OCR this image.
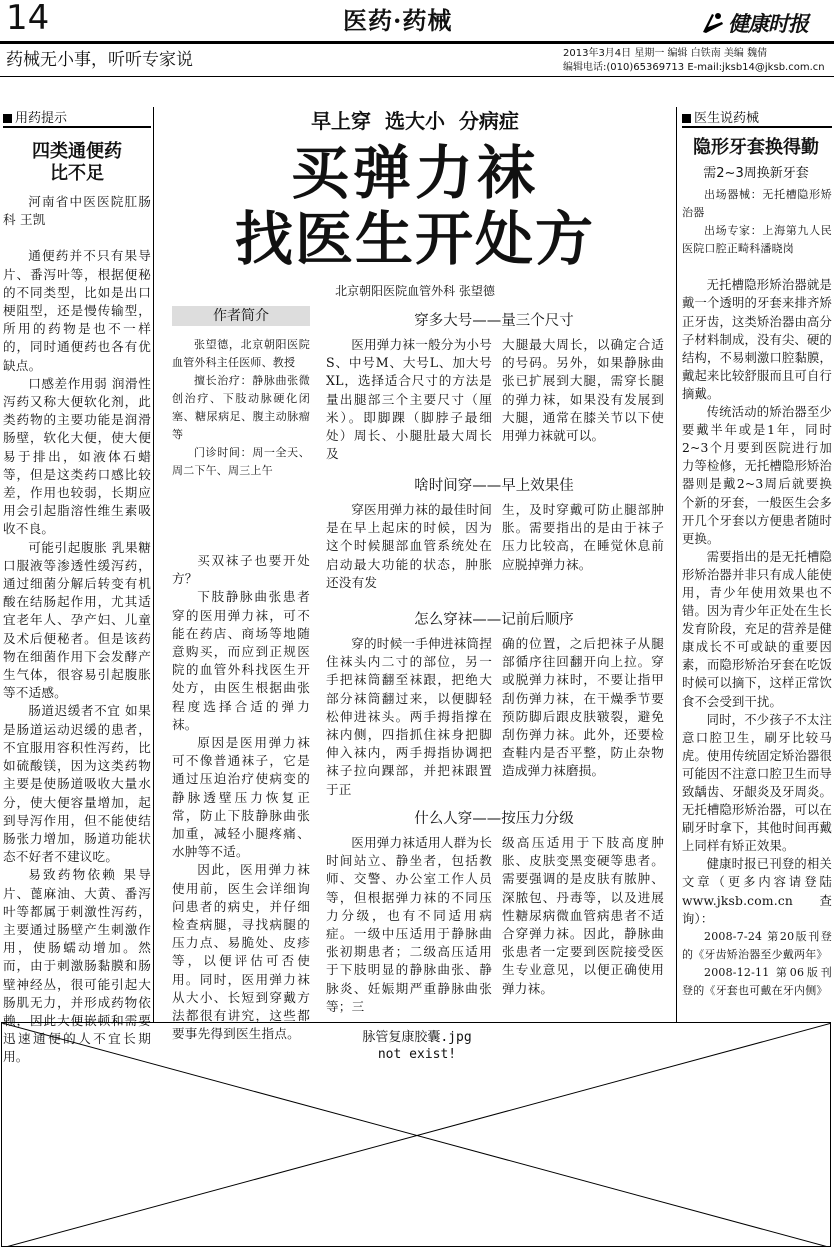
14	医药·药械	健康时报
药械无小事，听听专家说	2013年3月4日 星期一 编辑 白铁南 美编 魏倩
编辑电话:(010)65369713 E-mail:jksb14@jksb.com.cn
用药提示
四类通便药
比不足

河南省中医医院肛肠科 王凯

通便药并不只有果导片、番泻叶等，根据便秘的不同类型，比如是出口梗阻型，还是慢传输型，所用的药物是也不一样的，同时通便药也各有优缺点。

口感差作用弱 润滑性泻药又称大便软化剂，此类药物的主要功能是润滑肠壁，软化大便，使大便易于排出，如液体石蜡等，但是这类药口感比较差，作用也较弱，长期应用会引起脂溶性维生素吸收不良。

可能引起腹胀 乳果糖口服液等渗透性缓泻药，通过细菌分解后转变有机酸在结肠起作用，尤其适宜老年人、孕产妇、儿童及术后便秘者。但是该药物在细菌作用下会发酵产生气体，很容易引起腹胀等不适感。

肠道迟缓者不宜 如果是肠道运动迟缓的患者，不宜服用容积性泻药，比如硫酸镁，因为这类药物主要是使肠道吸收大量水分，使大便容量增加，起到导泻作用，但不能使结肠张力增加，肠道功能状态不好者不建议吃。

易致药物依赖 果导片、蓖麻油、大黄、番泻叶等都属于刺激性泻药，主要通过肠壁产生刺激作用，使肠蠕动增加。然而，由于刺激肠黏膜和肠壁神经丛，很可能引起大肠肌无力，并形成药物依赖，因此大便嵌顿和需要迅速通便的人不宜长期用。

早上穿  选大小  分病症
买弹力袜
找医生开处方
北京朝阳医院血管外科 张望德
作者简介

张望德，北京朝阳医院血管外科主任医师、教授

擅长治疗：静脉曲张微创治疗、下肢动脉硬化闭塞、糖尿病足、腹主动脉瘤等

门诊时间：周一全天、周二下午、周三上午

买双袜子也要开处方？

下肢静脉曲张患者穿的医用弹力袜，可不能在药店、商场等地随意购买，而应到正规医院的血管外科找医生开处方，由医生根据曲张程度选择合适的弹力袜。

原因是医用弹力袜可不像普通袜子，它是通过压迫治疗使病变的静脉透壁压力恢复正常，防止下肢静脉曲张加重，减轻小腿疼痛、水肿等不适。

因此，医用弹力袜使用前，医生会详细询问患者的病史，并仔细检查病腿，寻找病腿的压力点、易脆处、皮疹等，以便评估可否使用。同时，医用弹力袜从大小、长短到穿戴方法都很有讲究，这些都要事先得到医生指点。

穿多大号——量三个尺寸

医用弹力袜一般分为小号S、中号M、大号L、加大号XL，选择适合尺寸的方法是量出腿部三个主要尺寸（厘米）。即脚踝（脚脖子最细处）周长、小腿肚最大周长及

大腿最大周长，以确定合适的号码。另外，如果静脉曲张已扩展到大腿，需穿长腿的弹力袜，如果没有发展到大腿，通常在膝关节以下使用弹力袜就可以。

啥时间穿——早上效果佳

穿医用弹力袜的最佳时间是在早上起床的时候，因为这个时候腿部血管系统处在启动最大功能的状态，肿胀还没有发

生，及时穿戴可防止腿部肿胀。需要指出的是由于袜子压力比较高，在睡觉休息前应脱掉弹力袜。

怎么穿袜——记前后顺序

穿的时候一手伸进袜筒捏住袜头内二寸的部位，另一手把袜筒翻至袜跟，把绝大部分袜筒翻过来，以便脚轻松伸进袜头。两手拇指撑在袜内侧，四指抓住袜身把脚伸入袜内，两手拇指协调把袜子拉向踝部，并把袜跟置于正

确的位置，之后把袜子从腿部循序往回翻开向上拉。穿或脱弹力袜时，不要让指甲刮伤弹力袜，在干燥季节要预防脚后跟皮肤皲裂，避免刮伤弹力袜。此外，还要检查鞋内是否平整，防止杂物造成弹力袜磨损。

什么人穿——按压力分级

医用弹力袜适用人群为长时间站立、静坐者，包括教师、交警、办公室工作人员等，但根据弹力袜的不同压力分级，也有不同适用病症。一级中压适用于静脉曲张初期患者；二级高压适用于下肢明显的静脉曲张、静脉炎、妊娠期严重静脉曲张等；三

级高压适用于下肢高度肿胀、皮肤变黑变硬等患者。需要强调的是皮肤有脓肿、深脓包、丹毒等，以及进展性糖尿病微血管病患者不适合穿弹力袜。因此，静脉曲张患者一定要到医院接受医生专业意见，以便正确使用弹力袜。

医生说药械
隐形牙套换得勤
需2~3周换新牙套

出场器械：无托槽隐形矫治器

出场专家：上海第九人民医院口腔正畸科潘晓岗

无托槽隐形矫治器就是戴一个透明的牙套来排齐矫正牙齿，这类矫治器由高分子材料制成，没有尖、硬的结构，不易刺激口腔黏膜，戴起来比较舒服而且可自行摘戴。

传统活动的矫治器至少要戴半年或是1年，同时2~3个月要到医院进行加力等检修，无托槽隐形矫治器则是戴2~3周后就要换个新的牙套，一般医生会多开几个牙套以方便患者随时更换。

需要指出的是无托槽隐形矫治器并非只有成人能使用，青少年使用效果也不错。因为青少年正处在生长发育阶段，充足的营养是健康成长不可或缺的重要因素，而隐形矫治牙套在吃饭时候可以摘下，这样正常饮食不会受到干扰。

同时，不少孩子不太注意口腔卫生，刷牙比较马虎。使用传统固定矫治器很可能因不注意口腔卫生而导致龋齿、牙龈炎及牙周炎。无托槽隐形矫治器，可以在刷牙时拿下，其他时间再戴上同样有矫正效果。

健康时报已刊登的相关文章（更多内容请登陆www.jksb.com.cn查询）：

2008-7-24 第20版刊登的《牙齿矫治器至少戴两年》

2008-12-11 第06版刊登的《牙套也可戴在牙内侧》

脉管复康胶囊.jpg
not exist!
